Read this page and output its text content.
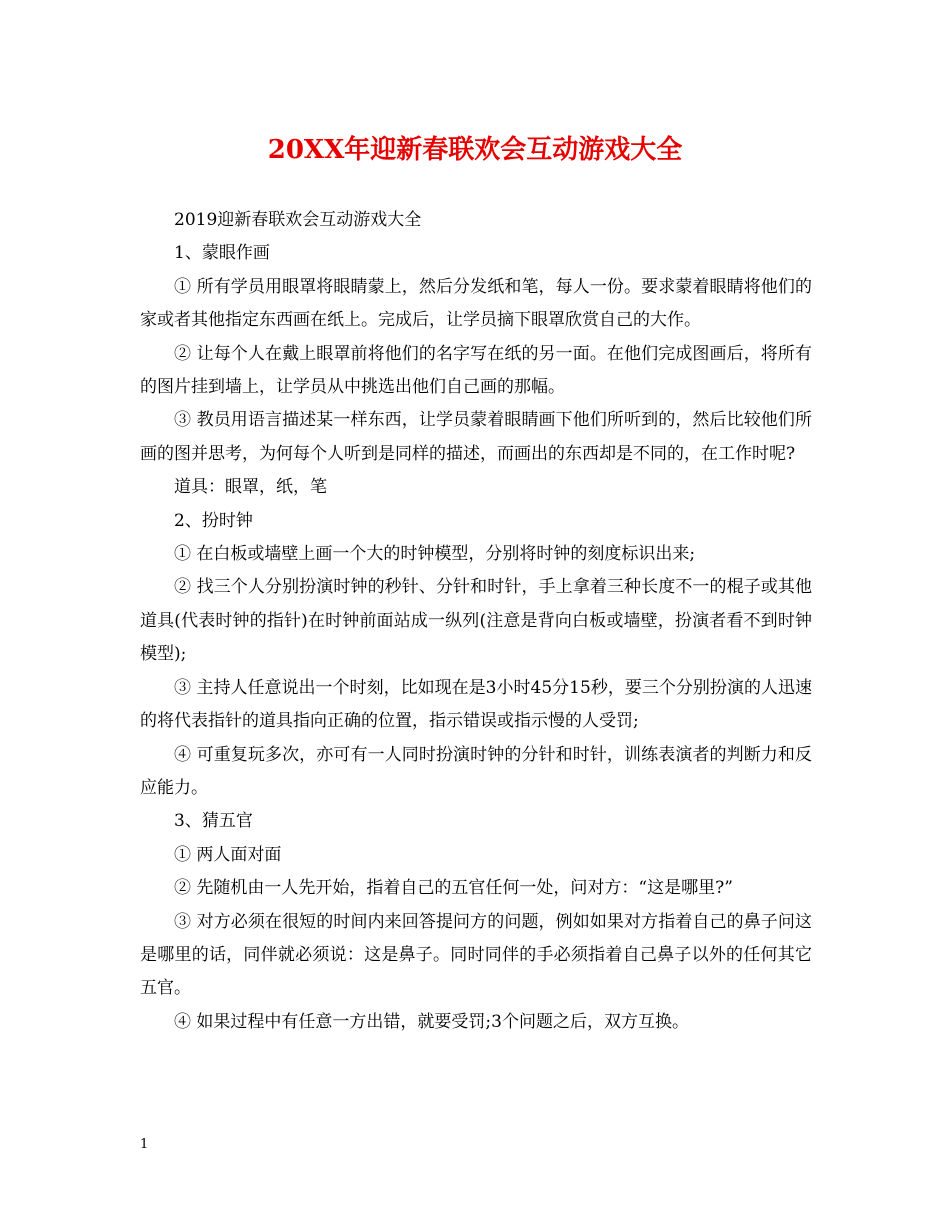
20XX年迎新春联欢会互动游戏大全

2019迎新春联欢会互动游戏大全

1、蒙眼作画

① 所有学员用眼罩将眼睛蒙上，然后分发纸和笔，每人一份。要求蒙着眼睛将他们的家或者其他指定东西画在纸上。完成后，让学员摘下眼罩欣赏自己的大作。

② 让每个人在戴上眼罩前将他们的名字写在纸的另一面。在他们完成图画后，将所有的图片挂到墙上，让学员从中挑选出他们自己画的那幅。

③ 教员用语言描述某一样东西，让学员蒙着眼睛画下他们所听到的，然后比较他们所画的图并思考，为何每个人听到是同样的描述，而画出的东西却是不同的，在工作时呢?

道具：眼罩，纸，笔

2、扮时钟

① 在白板或墙壁上画一个大的时钟模型，分别将时钟的刻度标识出来;

② 找三个人分别扮演时钟的秒针、分针和时针，手上拿着三种长度不一的棍子或其他道具(代表时钟的指针)在时钟前面站成一纵列(注意是背向白板或墙壁，扮演者看不到时钟模型);

③ 主持人任意说出一个时刻，比如现在是3小时45分15秒，要三个分别扮演的人迅速的将代表指针的道具指向正确的位置，指示错误或指示慢的人受罚;

④ 可重复玩多次，亦可有一人同时扮演时钟的分针和时针，训练表演者的判断力和反应能力。

3、猜五官

① 两人面对面

② 先随机由一人先开始，指着自己的五官任何一处，问对方：“这是哪里?”

③ 对方必须在很短的时间内来回答提问方的问题，例如如果对方指着自己的鼻子问这是哪里的话，同伴就必须说：这是鼻子。同时同伴的手必须指着自己鼻子以外的任何其它五官。

④ 如果过程中有任意一方出错，就要受罚;3个问题之后，双方互换。

1
